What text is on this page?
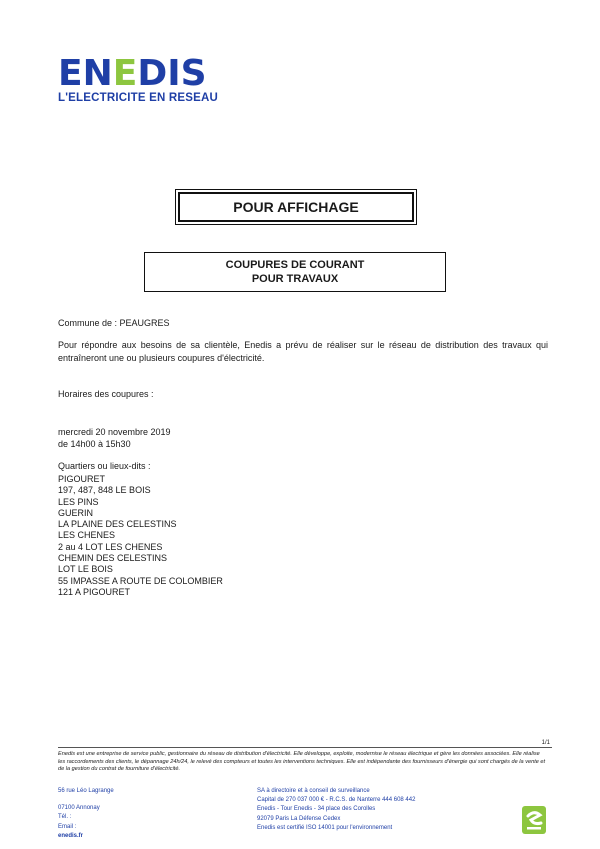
ENEDIS
L'ELECTRICITE EN RESEAU
POUR AFFICHAGE
COUPURES DE COURANT
POUR TRAVAUX
Commune de : PEAUGRES
Pour répondre aux besoins de sa clientèle, Enedis a prévu de réaliser sur le réseau de distribution des travaux qui entraîneront une ou plusieurs coupures d'électricité.
Horaires des coupures :
mercredi 20 novembre 2019
de 14h00 à 15h30
Quartiers ou lieux-dits :
PIGOURET
197, 487, 848 LE BOIS
LES PINS
GUERIN
LA PLAINE DES CELESTINS
LES CHENES
2 au 4 LOT LES CHENES
CHEMIN DES CELESTINS
LOT LE BOIS
55 IMPASSE A ROUTE DE COLOMBIER
121 A PIGOURET
1/1
Enedis est une entreprise de service public, gestionnaire du réseau de distribution d'électricité. Elle développe, exploite, modernise le réseau électrique et gère les données associées. Elle réalise les raccordements des clients, le dépannage 24h/24, le relevé des compteurs et toutes les interventions techniques. Elle est indépendante des fournisseurs d'énergie qui sont chargés de la vente et de la gestion du contrat de fourniture d'électricité.
56 rue Léo Lagrange
07100 Annonay
Tél. :
Email :
enedis.fr
SA à directoire et à conseil de surveillance
Capital de 270 037 000 € - R.C.S. de Nanterre 444 608 442
Enedis - Tour Enedis - 34 place des Corolles
92079 Paris La Défense Cedex
Enedis est certifié ISO 14001 pour l'environnement
